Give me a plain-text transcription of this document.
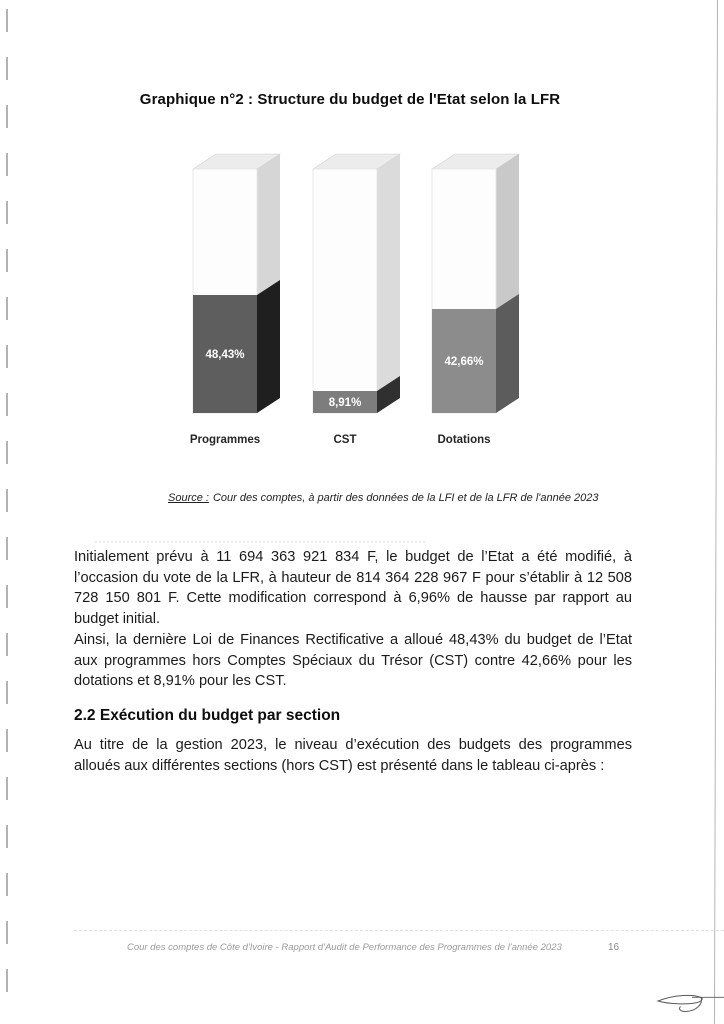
Graphique n°2 : Structure du budget de l'Etat selon la LFR
48,43%
Programmes
8,91%
CST
42,66%
Dotations

Source : Cour des comptes, à partir des données de la LFI et de la LFR de l'année 2023

Initialement prévu à 11 694 363 921 834 F, le budget de l’Etat a été modifié, à l’occasion du vote de la LFR, à hauteur de 814 364 228 967 F pour s’établir à 12 508 728 150 801 F. Cette modification correspond à 6,96% de hausse par rapport au budget initial.

Ainsi, la dernière Loi de Finances Rectificative a alloué 48,43% du budget de l’Etat aux programmes hors Comptes Spéciaux du Trésor (CST) contre 42,66% pour les dotations et 8,91% pour les CST.

2.2 Exécution du budget par section

Au titre de la gestion 2023, le niveau d’exécution des budgets des programmes alloués aux différentes sections (hors CST) est présenté dans le tableau ci-après :

Cour des comptes de Côte d'Ivoire - Rapport d'Audit de Performance des Programmes de l'année 2023	16
